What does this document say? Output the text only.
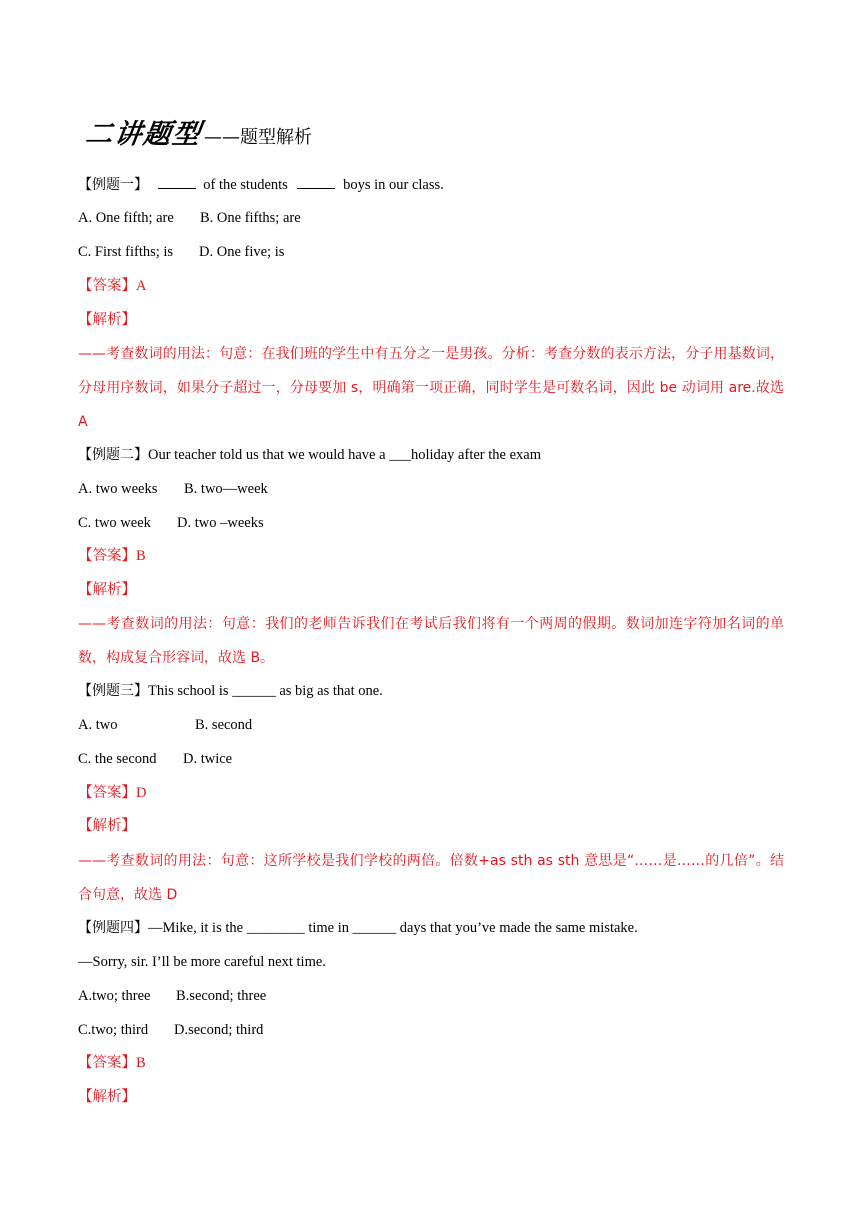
二讲题型 ——题型解析
【例题一】	of the students	boys in our class.
A. One fifth; are B. One fifths; are
C. First fifths; is D. One five; is
【答案】A
【解析】
——考查数词的用法：句意：在我们班的学生中有五分之一是男孩。分析：考查分数的表示方法，分子用基数词，分母用序数词，如果分子超过一，分母要加 s，明确第一项正确，同时学生是可数名词，因此 be 动词用 are.故选 A
【例题二】Our teacher told us that we would have a ___holiday after the exam
A. two weeks B. two—week
C. two week D. two –weeks
【答案】B
【解析】
——考查数词的用法：句意：我们的老师告诉我们在考试后我们将有一个两周的假期。数词加连字符加名词的单数，构成复合形容词，故选 B。
【例题三】This school is ______ as big as that one.
A. two	B. second
C. the second D. twice
【答案】D
【解析】
——考查数词的用法：句意：这所学校是我们学校的两倍。倍数+as sth as sth 意思是“……是……的几倍”。结合句意，故选 D
【例题四】—Mike, it is the ________ time in ______ days that you’ve made the same mistake.
—Sorry, sir. I’ll be more careful next time.
A.two; three B.second; three
C.two; third D.second; third
【答案】B
【解析】
